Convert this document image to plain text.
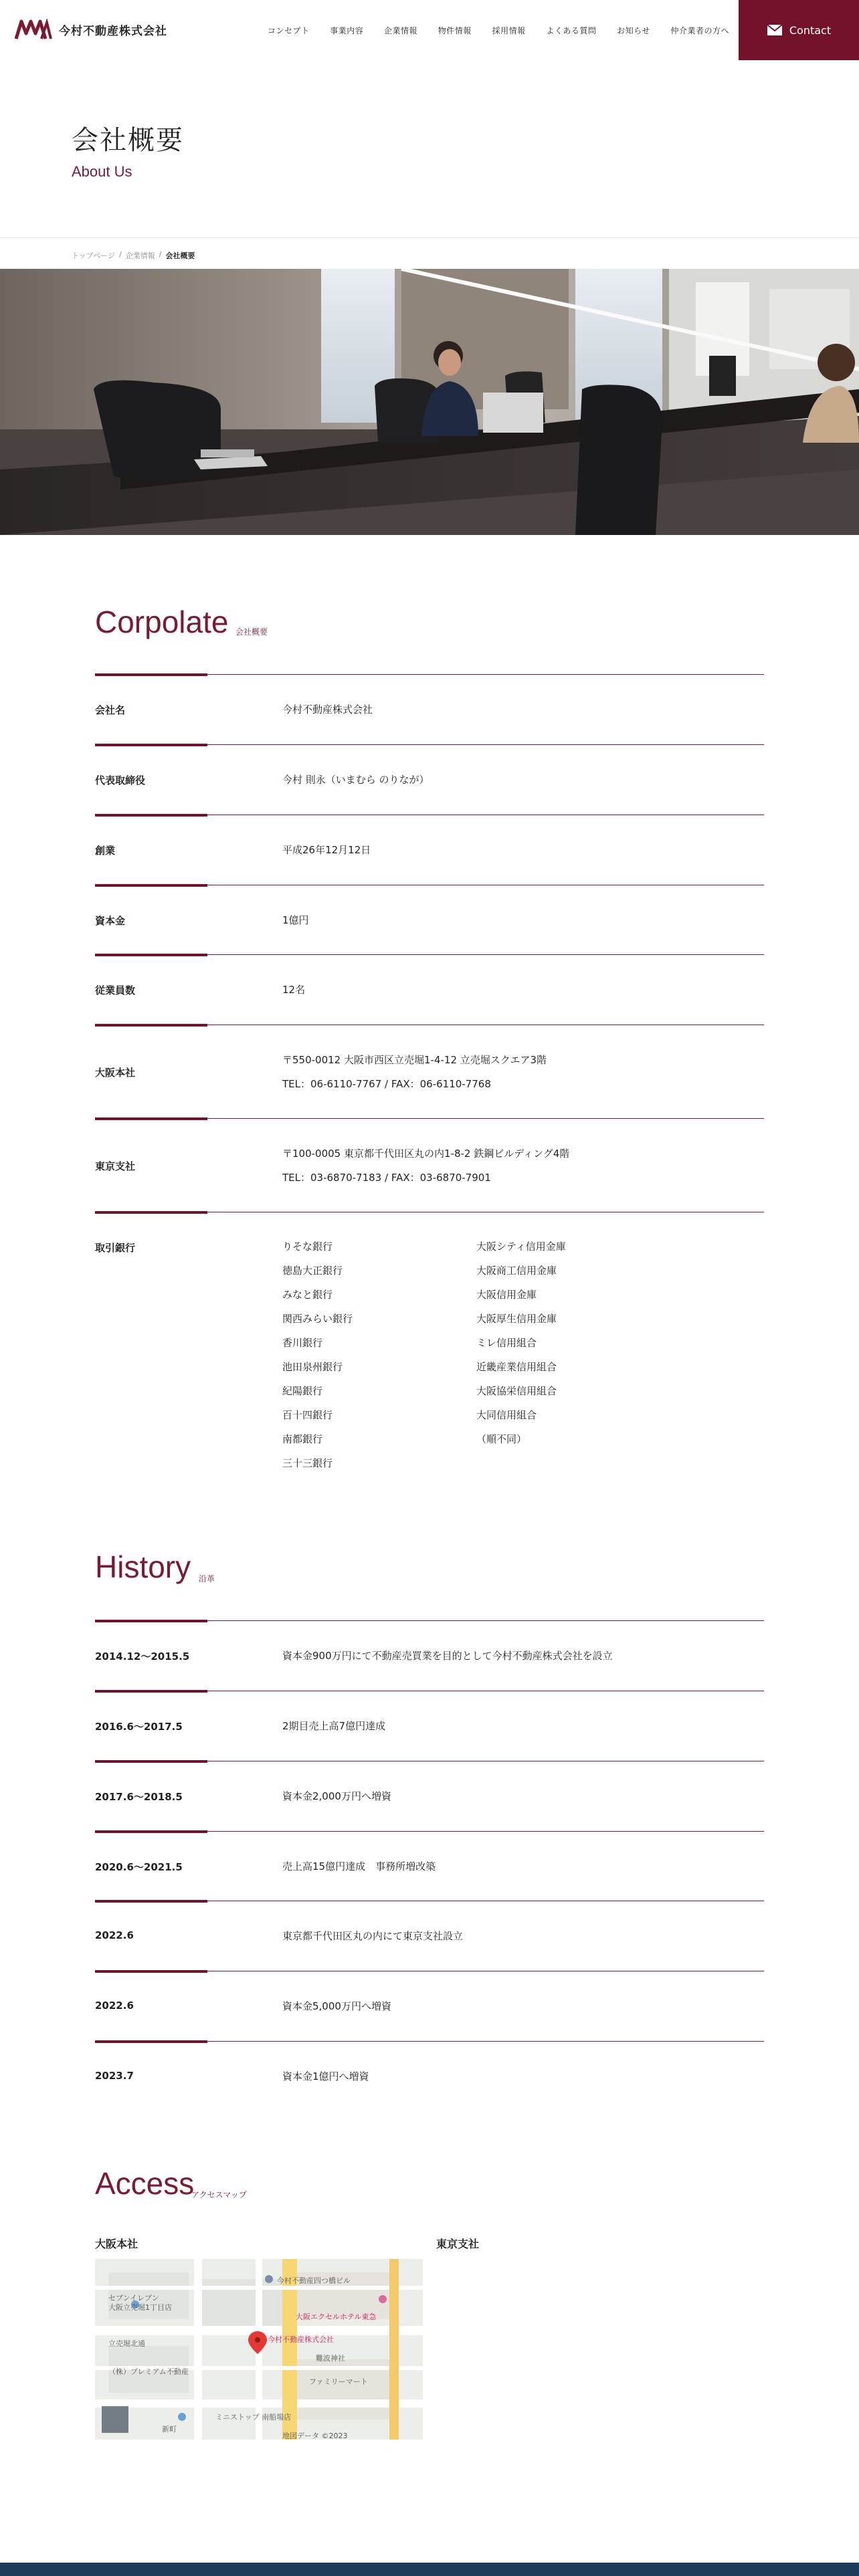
今村不動産株式会社	コンセプト	事業内容	企業情報	物件情報	採用情報	よくある質問	お知らせ	仲介業者の方へ	Contact
会社概要
About Us
トップページ / 企業情報 / 会社概要
Corpolate 会社概要
会社名	今村不動産株式会社
代表取締役	今村 則永（いまむら のりなが）
創業	平成26年12月12日
資本金	1億円
従業員数	12名
大阪本社
〒550-0012 大阪市西区立売堀1-4-12 立売堀スクエア3階
TEL：06-6110-7767 / FAX：06-6110-7768
東京支社
〒100-0005 東京都千代田区丸の内1-8-2 鉄鋼ビルディング4階
TEL：03-6870-7183 / FAX：03-6870-7901
取引銀行	りそな銀行
徳島大正銀行
みなと銀行
関西みらい銀行
香川銀行
池田泉州銀行
紀陽銀行
百十四銀行
南都銀行
三十三銀行
大阪シティ信用金庫
大阪商工信用金庫
大阪信用金庫
大阪厚生信用金庫
ミレ信用組合
近畿産業信用組合
大阪協栄信用組合
大同信用組合
（順不同）
History 沿革
2014.12～2015.5	資本金900万円にて不動産売買業を目的として今村不動産株式会社を設立
2016.6～2017.5	2期目売上高7億円達成
2017.6～2018.5	資本金2,000万円へ増資
2020.6～2021.5	売上高15億円達成　事務所増改築
2022.6	東京都千代田区丸の内にて東京支社設立
2022.6	資本金5,000万円へ増資
2023.7	資本金1億円へ増資
Access
アクセスマップ
大阪本社	東京支社
今村不動産株式会社
セブンイレブン
大阪立売堀1丁目店
（株）プレミアム不動産
大阪エクセルホテル東急
ファミリーマート
ミニストップ 南船場店
今村不動産四つ橋ビル
難波神社
立売堀北通
新町
地図データ ©2023
